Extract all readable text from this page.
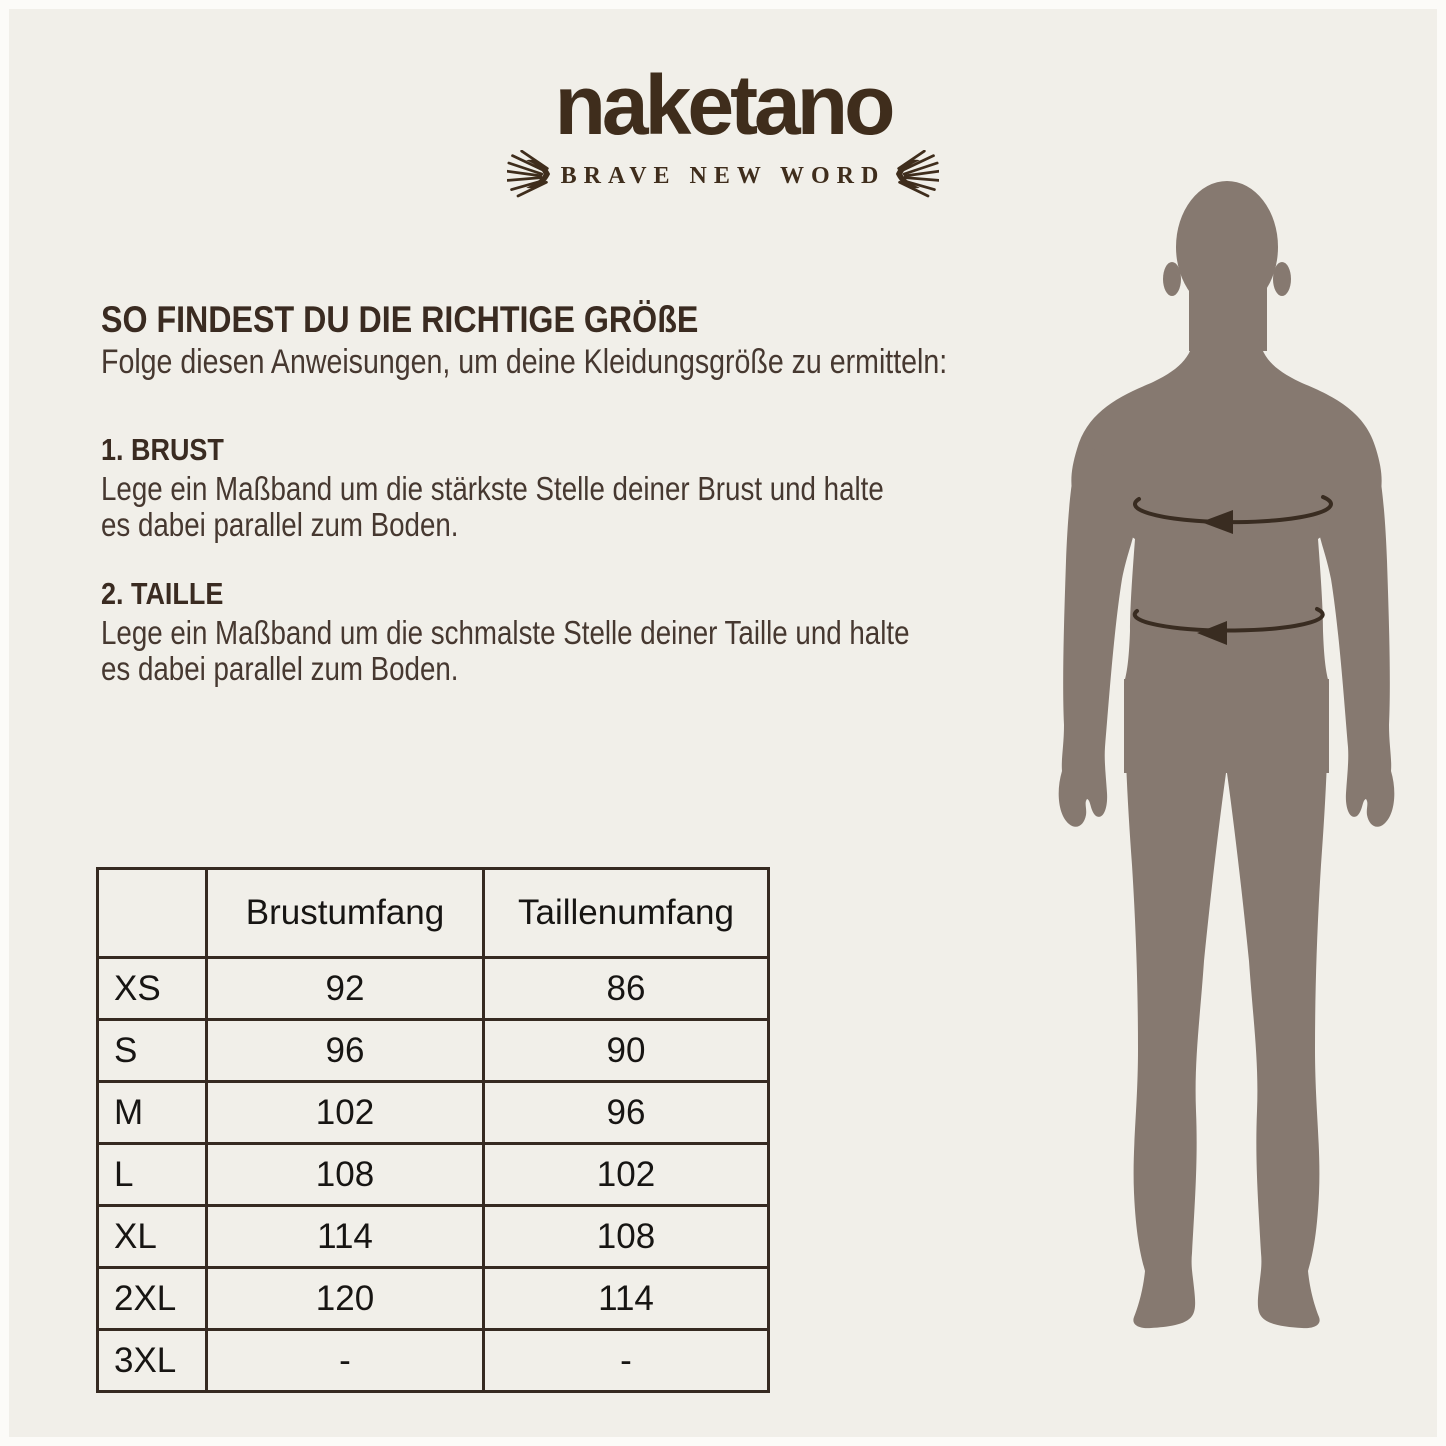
naketano
BRAVE NEW WORD
SO FINDEST DU DIE RICHTIGE GRÖßE
Folge diesen Anweisungen, um deine Kleidungsgröße zu ermitteln:
1. BRUST
Lege ein Maßband um die stärkste Stelle deiner Brust und halte
es dabei parallel zum Boden.
2. TAILLE
Lege ein Maßband um die schmalste Stelle deiner Taille und halte
es dabei parallel zum Boden.
	Brustumfang	Taillenumfang
XS	92	86
S	96	90
M	102	96
L	108	102
XL	114	108
2XL	120	114
3XL	-	-
